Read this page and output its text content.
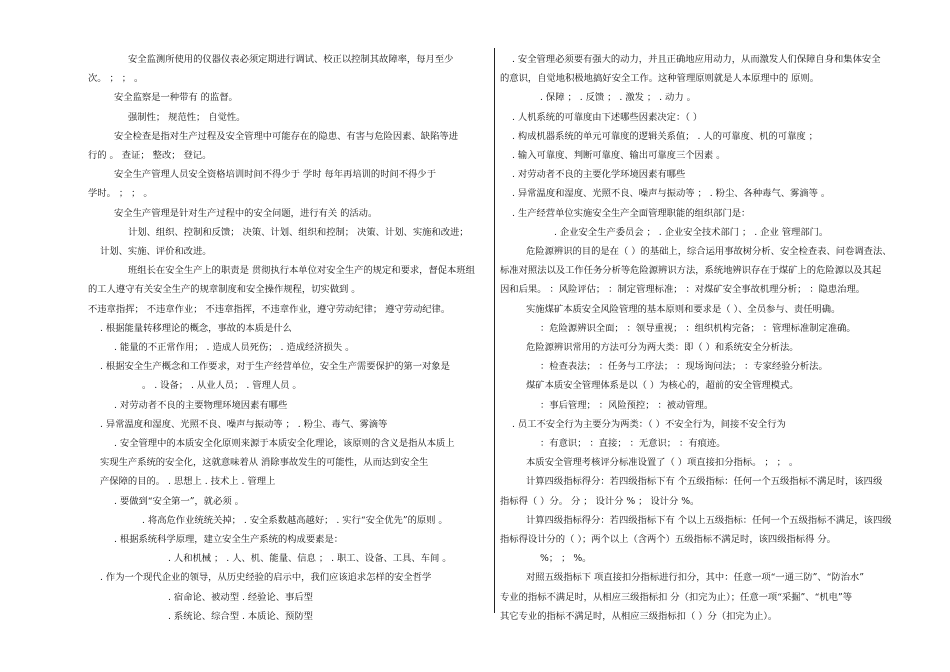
安全监测所使用的仪器仪表必须定期进行调试、校正以控制其故障率，每月至少
次。 ； ； 。
安全监察是一种带有 的监督。
强制性； 规范性； 自觉性。
安全检查是指对生产过程及安全管理中可能存在的隐患、有害与危险因素、缺陷等进
行的 。 查证； 整改； 登记。
安全生产管理人员安全资格培训时间不得少于 学时 每年再培训的时间不得少于
学时。 ； ； 。
安全生产管理是针对生产过程中的安全问题，进行有关 的活动。
计划、组织、控制和反馈； 决策、计划、组织和控制； 决策、计划、实施和改进；
计划、实施、评价和改进。
班组长在安全生产上的职责是 贯彻执行本单位对安全生产的规定和要求，督促本班组
的工人遵守有关安全生产的规章制度和安全操作规程，切实做到 。
不违章指挥； 不违章作业； 不违章指挥，不违章作业，遵守劳动纪律； 遵守劳动纪律。
. 根据能量转移理论的概念，事故的本质是什么
. 能量的不正常作用； . 造成人员死伤； . 造成经济损失 。
. 根据安全生产概念和工作要求，对于生产经营单位，安全生产需要保护的第一对象是
。 . 设备； . 从业人员； . 管理人员 。
. 对劳动者不良的主要物理环境因素有哪些
. 异常温度和湿度、光照不良、噪声与振动等 ； . 粉尘、毒气、雾滴等
. 安全管理中的本质安全化原则来源于本质安全化理论，该原则的含义是指从本质上
实现生产系统的安全化，这就意味着从 消除事故发生的可能性，从而达到安全生
产保障的目的。 . 思想上 . 技术上 . 管理上
. 要做到“安全第一”，就必须 。
. 将高危作业统统关掉； . 安全系数越高越好； . 实行“安全优先”的原则 。
. 根据系统科学原理，建立安全生产系统的构成要素是：
. 人和机械 ； . 人、机、能量、信息 ； . 职工、设备、工具、车间 。
. 作为一个现代企业的领导，从历史经验的启示中，我们应该追求怎样的安全哲学
. 宿命论、被动型 . 经验论、事后型
. 系统论、综合型 . 本质论、预防型
. 安全管理必须要有强大的动力，并且正确地应用动力，从而激发人们保障自身和集体安全
的意识，自觉地积极地搞好安全工作。这种管理原则就是人本原理中的 原则。
. 保障 ； . 反馈 ； . 激发 ； . 动力 。
. 人机系统的可靠度由下述哪些因素决定：（ ）
. 构成机器系统的单元可靠度的逻辑关系值； . 人的可靠度、机的可靠度 ；
. 输入可靠度、判断可靠度、输出可靠度三个因素 。
. 对劳动者不良的主要化学环境因素有哪些
. 异常温度和湿度、光照不良、噪声与振动等 ； . 粉尘、各种毒气、雾滴等 。
. 生产经营单位实施安全生产全面管理职能的组织部门是：
. 企业安全生产委员会 ； . 企业安全技术部门 ； . 企业 管理部门。
危险源辨识的目的是在（ ）的基础上，综合运用事故树分析、安全检查表、问卷调查法、
标准对照法以及工作任务分析等危险源辨识方法，系统地辨识存在于煤矿上的危险源以及其起
因和后果。 ：风险评估； ：制定管理标准； ：对煤矿安全事故机理分析； ：隐患治理。
实施煤矿本质安全风险管理的基本原则和要求是（ ）、全员参与、责任明确。
：危险源辨识全面； ：领导重视； ：组织机构完备； ：管理标准制定准确。
危险源辨识常用的方法可分为两大类：即（ ）和系统安全分析法。
：检查表法； ：任务与工序法； ：现场询问法； ：专家经验分析法。
煤矿本质安全管理体系是以（ ）为核心的，超前的安全管理模式。
：事后管理； ：风险预控； ：被动管理。
. 员工不安全行为主要分为两类：（ ）不安全行为，间接不安全行为
：有意识； ：直接； ：无意识； ：有痕迹。
本质安全管理考核评分标准设置了（ ）项直接扣分指标。 ； ； 。
计算四级指标得分：若四级指标下有 个五级指标：任何一个五级指标不满足时，该四级
指标得（ ）分。 分 ； 设计分 % ； 设计分 %。
计算四级指标得分：若四级指标下有 个以上五级指标：任何一个五级指标不满足，该四级
指标得设计分的（ ）；两个以上（含两个）五级指标不满足时，该四级指标得 分。
%； ； %。
对照五级指标下 项直接扣分指标进行扣分，其中：任意一项“一通三防”、“防治水”
专业的指标不满足时，从相应三级指标扣 分（扣完为止）；任意一项“采掘”、“机电”等
其它专业的指标不满足时，从相应三级指标扣（ ）分（扣完为止）。
